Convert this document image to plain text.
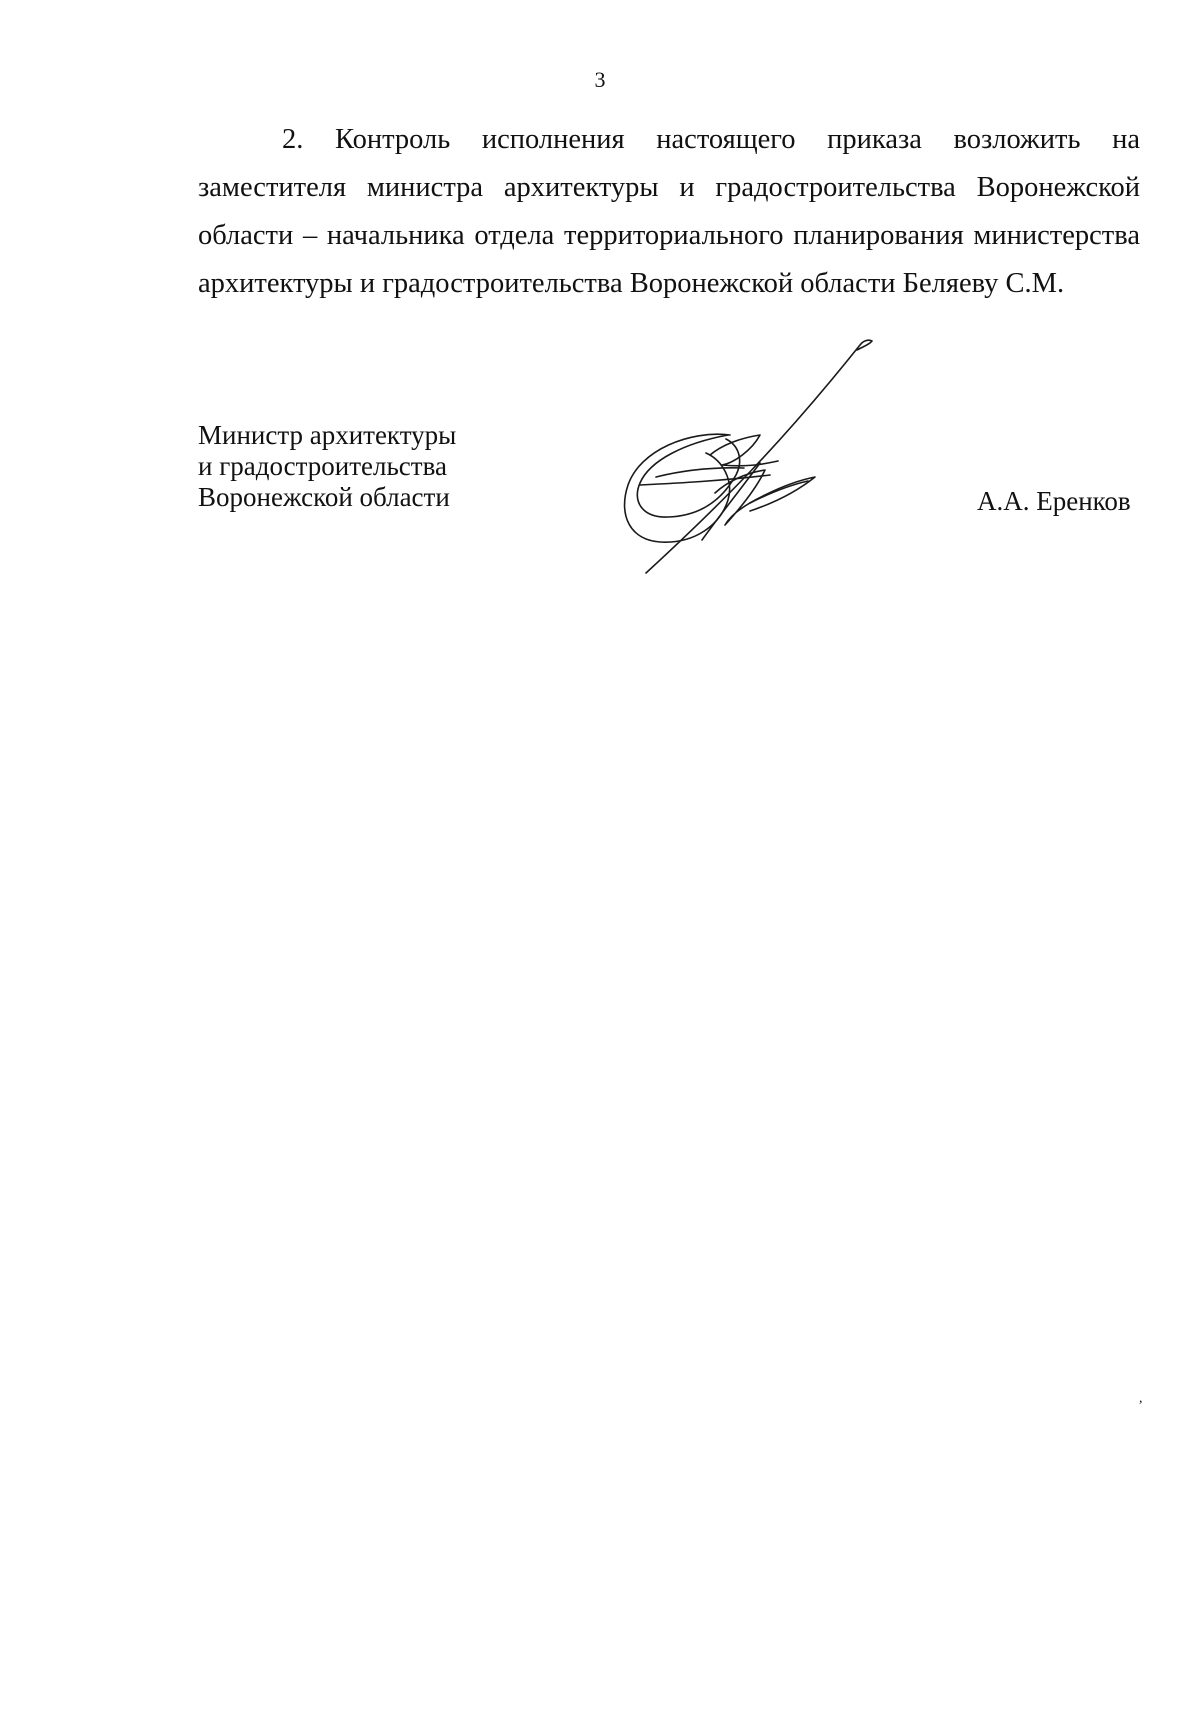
3

2. Контроль исполнения настоящего приказа возложить на заместителя министра архитектуры и градостроительства Воронежской области – начальника отдела территориального планирования министерства архитектуры и градостроительства Воронежской области Беляеву С.М.

Министр архитектуры
и градостроительства
Воронежской области	А.А. Еренков
,
